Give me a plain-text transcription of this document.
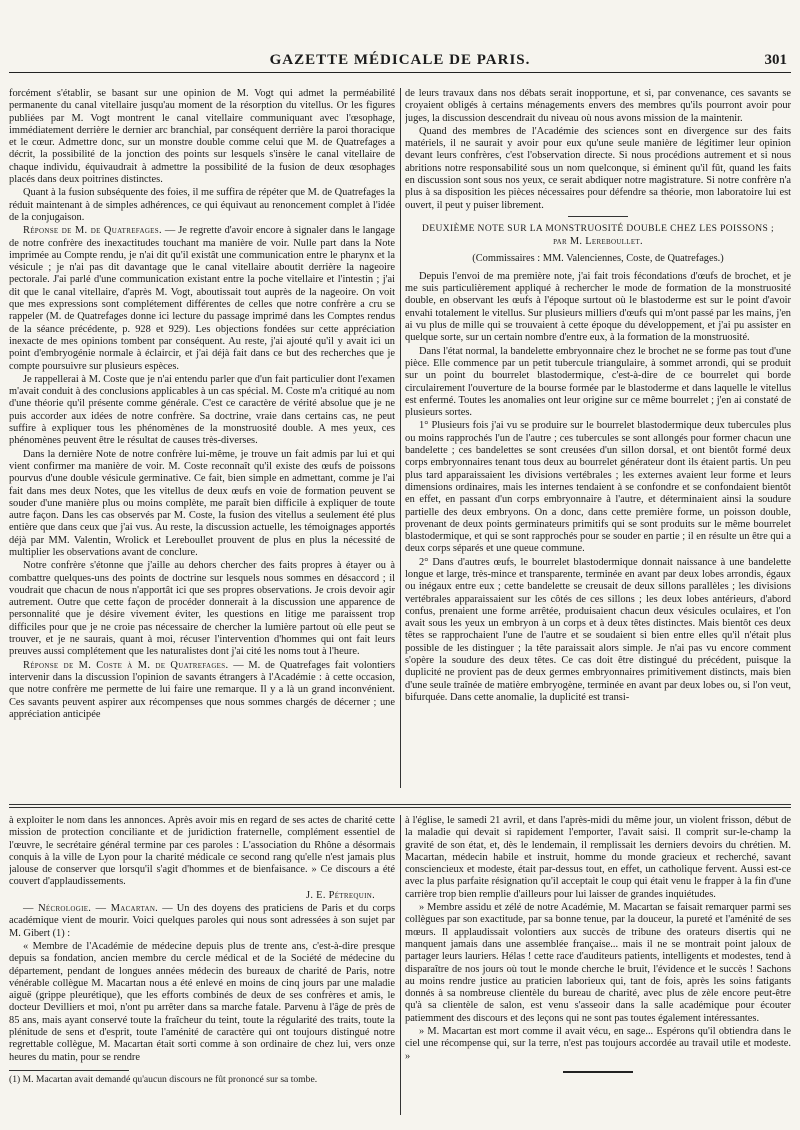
GAZETTE MÉDICALE DE PARIS.	301

forcément s'établir, se basant sur une opinion de M. Vogt qui admet la perméabilité permanente du canal vitellaire jusqu'au moment de la résorption du vitellus. Or les figures publiées par M. Vogt montrent le canal vitellaire communiquant avec l'œsophage, immédiatement derrière le dernier arc branchial, par conséquent derrière la paroi thoracique et le cœur. Admettre donc, sur un monstre double comme celui que M. de Quatrefages a décrit, la possibilité de la jonction des points sur lesquels s'insère le canal vitellaire de chaque individu, équivaudrait à admettre la possibilité de la fusion de deux œsophages placés dans deux poitrines distinctes.

Quant à la fusion subséquente des foies, il me suffira de répéter que M. de Quatrefages la réduit maintenant à de simples adhérences, ce qui équivaut au renoncement complet à l'idée de la conjugaison.

Réponse de M. de Quatrefages. — Je regrette d'avoir encore à signaler dans le langage de notre confrère des inexactitudes touchant ma manière de voir. Nulle part dans la Note imprimée au Compte rendu, je n'ai dit qu'il existât une communication entre le pharynx et la vésicule ; je n'ai pas dit davantage que le canal vitellaire aboutit derrière la nageoire pectorale. J'ai parlé d'une communication existant entre la poche vitellaire et l'intestin ; j'ai dit que le canal vitellaire, d'après M. Vogt, aboutissait tout auprès de la nageoire. On voit que mes expressions sont complétement différentes de celles que notre confrère a cru se rappeler (M. de Quatrefages donne ici lecture du passage imprimé dans les Comptes rendus de la séance précédente, p. 928 et 929). Les objections fondées sur cette appréciation inexacte de mes opinions tombent par conséquent. Au reste, j'ai ajouté qu'il y avait ici un point d'embryogénie normale à éclaircir, et j'ai déjà fait dans ce but des recherches que je compte poursuivre sur plusieurs espèces.

Je rappellerai à M. Coste que je n'ai entendu parler que d'un fait particulier dont l'examen m'avait conduit à des conclusions applicables à un cas spécial. M. Coste m'a critiqué au nom d'une théorie qu'il présente comme générale. C'est ce caractère de vérité absolue que je ne puis accorder aux idées de notre confrère. Sa doctrine, vraie dans certains cas, ne peut suffire à expliquer tous les phénomènes de la monstruosité double. A mes yeux, ces phénomènes peuvent être le résultat de causes très-diverses.

Dans la dernière Note de notre confrère lui-même, je trouve un fait admis par lui et qui vient confirmer ma manière de voir. M. Coste reconnaît qu'il existe des œufs de poissons pourvus d'une double vésicule germinative. Ce fait, bien simple en admettant, comme je l'ai fait dans mes deux Notes, que les vitellus de deux œufs en voie de formation peuvent se souder d'une manière plus ou moins complète, me paraît bien difficile à expliquer de toute autre façon. Dans les cas observés par M. Coste, la fusion des vitellus a seulement été plus entière que dans ceux que j'ai vus. Au reste, la discussion actuelle, les témoignages apportés déjà par MM. Valentin, Wrolick et Lereboullet prouvent de plus en plus la nécessité de multiplier les observations avant de conclure.

Notre confrère s'étonne que j'aille au dehors chercher des faits propres à étayer ou à combattre quelques-uns des points de doctrine sur lesquels nous sommes en désaccord ; il voudrait que chacun de nous n'apportât ici que ses propres observations. Je crois devoir agir autrement. Outre que cette façon de procéder donnerait à la discussion une apparence de personnalité que je désire vivement éviter, les questions en litige me paraissent trop difficiles pour que je ne croie pas nécessaire de chercher la lumière partout où elle peut se trouver, et je ne saurais, quant à moi, récuser l'intervention d'hommes qui ont fait leurs preuves aussi complétement que les naturalistes dont j'ai cité les noms tout à l'heure.

Réponse de M. Coste à M. de Quatrefages. — M. de Quatrefages fait volontiers intervenir dans la discussion l'opinion de savants étrangers à l'Académie : à cette occasion, que notre confrère me permette de lui faire une remarque. Il y a là un grand inconvénient. Ces savants peuvent aspirer aux récompenses que nous sommes chargés de décerner ; une appréciation anticipée

de leurs travaux dans nos débats serait inopportune, et si, par convenance, ces savants se croyaient obligés à certains ménagements envers des membres qu'ils pourront avoir pour juges, la discussion descendrait du niveau où nous avons mission de la maintenir.

Quand des membres de l'Académie des sciences sont en divergence sur des faits matériels, il ne saurait y avoir pour eux qu'une seule manière de légitimer leur opinion devant leurs confrères, c'est l'observation directe. Si nous procédions autrement et si nous abritions notre responsabilité sous un nom quelconque, si éminent qu'il fût, quand les faits en discussion sont sous nos yeux, ce serait abdiquer notre magistrature. Si notre confrère n'a plus à sa disposition les pièces nécessaires pour défendre sa théorie, mon laboratoire lui est ouvert, il peut y puiser librement.

DEUXIÈME NOTE SUR LA MONSTRUOSITÉ DOUBLE CHEZ LES POISSONS ;

par M. Lereboullet.

(Commissaires : MM. Valenciennes, Coste, de Quatrefages.)

Depuis l'envoi de ma première note, j'ai fait trois fécondations d'œufs de brochet, et je me suis particulièrement appliqué à rechercher le mode de formation de la monstruosité double, en observant les œufs à l'époque surtout où le blastoderme est sur le point d'avoir envahi totalement le vitellus. Sur plusieurs milliers d'œufs qui m'ont passé par les mains, j'en ai vu plus de mille qui se trouvaient à cette époque du développement, et j'ai pu assister en quelque sorte, sur un certain nombre d'entre eux, à la formation de la monstruosité.

Dans l'état normal, la bandelette embryonnaire chez le brochet ne se forme pas tout d'une pièce. Elle commence par un petit tubercule triangulaire, à sommet arrondi, qui se produit sur un point du bourrelet blastodermique, c'est-à-dire de ce bourrelet qui borde circulairement l'ouverture de la bourse formée par le blastoderme et dans laquelle le vitellus est enfermé. Toutes les anomalies ont leur origine sur ce même bourrelet ; j'en ai constaté de plusieurs sortes.

1° Plusieurs fois j'ai vu se produire sur le bourrelet blastodermique deux tubercules plus ou moins rapprochés l'un de l'autre ; ces tubercules se sont allongés pour former chacun une bandelette ; ces bandelettes se sont creusées d'un sillon dorsal, et ont bientôt formé deux corps embryonnaires tenant tous deux au bourrelet générateur dont ils étaient partis. Un peu plus tard apparaissaient les divisions vertébrales ; les externes avaient leur forme et leurs dimensions ordinaires, mais les internes tendaient à se confondre et se confondaient bientôt en effet, en passant d'un corps embryonnaire à l'autre, et déterminaient ainsi la soudure partielle des deux embryons. On a donc, dans cette première forme, un poisson double, provenant de deux points germinateurs primitifs qui se sont produits sur le même bourrelet blastodermique, et qui se sont rapprochés pour se souder en partie ; il en résulte un être qui a deux corps séparés et une queue commune.

2° Dans d'autres œufs, le bourrelet blastodermique donnait naissance à une bandelette longue et large, très-mince et transparente, terminée en avant par deux lobes arrondis, égaux ou inégaux entre eux ; cette bandelette se creusait de deux sillons parallèles ; les divisions vertébrales apparaissaient sur les côtés de ces sillons ; les deux lobes antérieurs, d'abord confus, prenaient une forme arrêtée, produisaient chacun deux vésicules oculaires, et l'on avait sous les yeux un embryon à un corps et à deux têtes distinctes. Mais bientôt ces deux têtes se rapprochaient l'une de l'autre et se soudaient si bien entre elles qu'il n'était plus possible de les distinguer ; la tête paraissait alors simple. Je n'ai pas vu encore comment s'opère la soudure des deux têtes. Ce cas doit être distingué du précédent, puisque la duplicité ne provient pas de deux germes embryonnaires primitivement distincts, mais bien d'une seule traînée de matière embryogène, terminée en avant par deux lobes ou, si l'on veut, bifurquée. Dans cette anomalie, la duplicité est transi-

à exploiter le nom dans les annonces. Après avoir mis en regard de ses actes de charité cette mission de protection conciliante et de juridiction fraternelle, complément essentiel de l'œuvre, le secrétaire général termine par ces paroles : L'association du Rhône a désormais conquis à la ville de Lyon pour la charité médicale ce second rang qu'elle n'est jamais plus jalouse de conserver que lorsqu'il s'agit d'hommes et de bienfaisance. » Ce discours a été couvert d'applaudissements.

J. E. Pétrequin.

— Nécrologie. — Macartan. — Un des doyens des praticiens de Paris et du corps académique vient de mourir. Voici quelques paroles qui nous sont adressées à son sujet par M. Gibert (1) :

« Membre de l'Académie de médecine depuis plus de trente ans, c'est-à-dire presque depuis sa fondation, ancien membre du cercle médical et de la Société de médecine du département, pendant de longues années médecin des bureaux de charité de Paris, notre vénérable collègue M. Macartan nous a été enlevé en moins de cinq jours par une maladie aiguë (grippe pleurétique), que les efforts combinés de deux de ses confrères et amis, le docteur Devilliers et moi, n'ont pu arrêter dans sa marche fatale. Parvenu à l'âge de près de 85 ans, mais ayant conservé toute la fraîcheur du teint, toute la régularité des traits, toute la plénitude de sens et d'esprit, toute l'aménité de caractère qui ont toujours distingué notre regrettable collègue, M. Macartan était sorti comme à son ordinaire de chez lui, vers onze heures du matin, pour se rendre

(1) M. Macartan avait demandé qu'aucun discours ne fût prononcé sur sa tombe.

à l'église, le samedi 21 avril, et dans l'après-midi du même jour, un violent frisson, début de la maladie qui devait si rapidement l'emporter, l'avait saisi. Il comprit sur-le-champ la gravité de son état, et, dès le lendemain, il remplissait les derniers devoirs du chrétien. M. Macartan, médecin habile et instruit, homme du monde gracieux et recherché, savant consciencieux et modeste, était par-dessus tout, en effet, un catholique fervent. Aussi est-ce avec la plus parfaite résignation qu'il acceptait le coup qui était venu le frapper à la fin d'une carrière trop bien remplie d'ailleurs pour lui laisser de grandes inquiétudes.

» Membre assidu et zélé de notre Académie, M. Macartan se faisait remarquer parmi ses collègues par son exactitude, par sa bonne tenue, par la douceur, la pureté et l'aménité de ses mœurs. Il applaudissait volontiers aux succès de tribune des orateurs disertis qui ne manquent jamais dans une assemblée française... mais il ne se montrait point jaloux de partager leurs lauriers. Hélas ! cette race d'auditeurs patients, intelligents et modestes, tend à disparaître de nos jours où tout le monde cherche le bruit, l'évidence et le succès ! Sachons au moins rendre justice au praticien laborieux qui, tant de fois, après les soins fatigants donnés à sa nombreuse clientèle du bureau de charité, avec plus de zèle encore peut-être qu'à sa clientèle de salon, est venu s'asseoir dans la salle académique pour écouter patiemment des discours et des leçons qui ne sont pas toutes également intéressantes.

» M. Macartan est mort comme il avait vécu, en sage... Espérons qu'il obtiendra dans le ciel une récompense qui, sur la terre, n'est pas toujours accordée au travail utile et modeste. »
